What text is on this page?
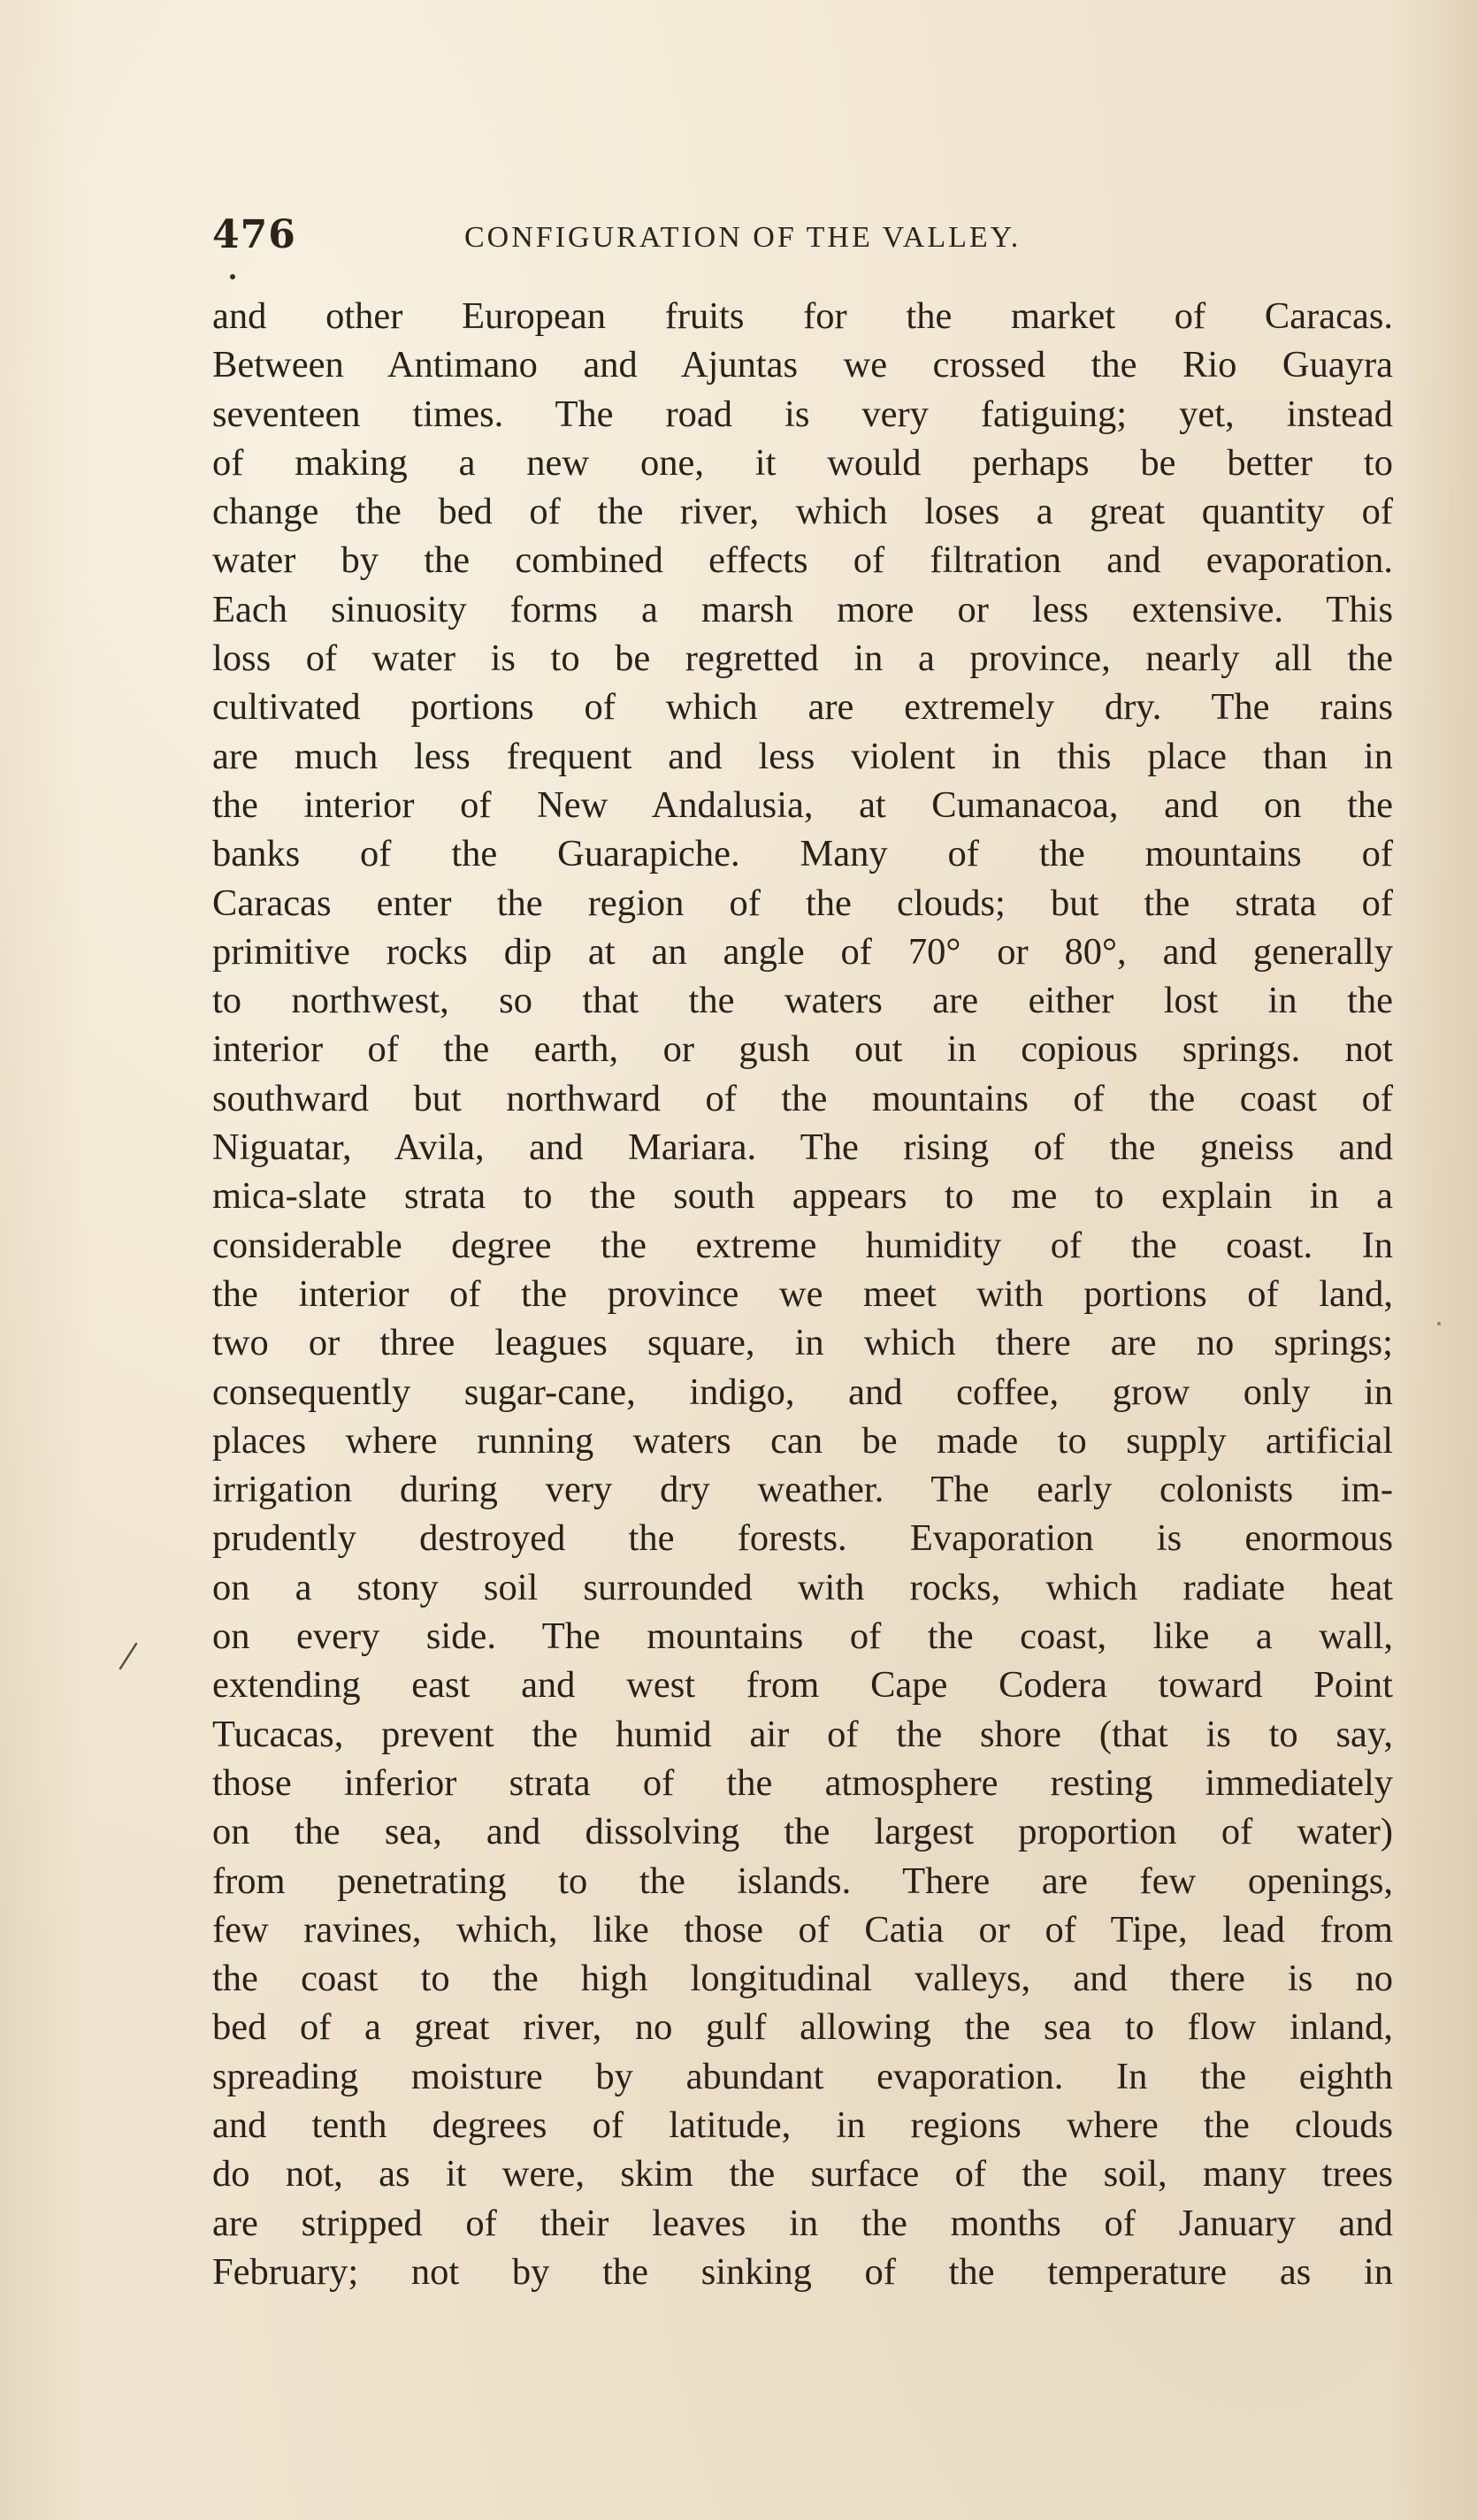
476	CONFIGURATION OF THE VALLEY.
and other European fruits for the market of Caracas.
Between Antimano and Ajuntas we crossed the Rio Guayra
seventeen times. The road is very fatiguing; yet, instead
of making a new one, it would perhaps be better to
change the bed of the river, which loses a great quantity of
water by the combined effects of filtration and evaporation.
Each sinuosity forms a marsh more or less extensive. This
loss of water is to be regretted in a province, nearly all the
cultivated portions of which are extremely dry. The rains
are much less frequent and less violent in this place than in
the interior of New Andalusia, at Cumanacoa, and on the
banks of the Guarapiche. Many of the mountains of
Caracas enter the region of the clouds; but the strata of
primitive rocks dip at an angle of 70° or 80°, and generally
to northwest, so that the waters are either lost in the
interior of the earth, or gush out in copious springs. not
southward but northward of the mountains of the coast of
Niguatar, Avila, and Mariara. The rising of the gneiss and
mica-slate strata to the south appears to me to explain in a
considerable degree the extreme humidity of the coast. In
the interior of the province we meet with portions of land,
two or three leagues square, in which there are no springs;
consequently sugar-cane, indigo, and coffee, grow only in
places where running waters can be made to supply artificial
irrigation during very dry weather. The early colonists im-
prudently destroyed the forests. Evaporation is enormous
on a stony soil surrounded with rocks, which radiate heat
on every side. The mountains of the coast, like a wall,
extending east and west from Cape Codera toward Point
Tucacas, prevent the humid air of the shore (that is to say,
those inferior strata of the atmosphere resting immediately
on the sea, and dissolving the largest proportion of water)
from penetrating to the islands. There are few openings,
few ravines, which, like those of Catia or of Tipe, lead from
the coast to the high longitudinal valleys, and there is no
bed of a great river, no gulf allowing the sea to flow inland,
spreading moisture by abundant evaporation. In the eighth
and tenth degrees of latitude, in regions where the clouds
do not, as it were, skim the surface of the soil, many trees
are stripped of their leaves in the months of January and
February; not by the sinking of the temperature as in
